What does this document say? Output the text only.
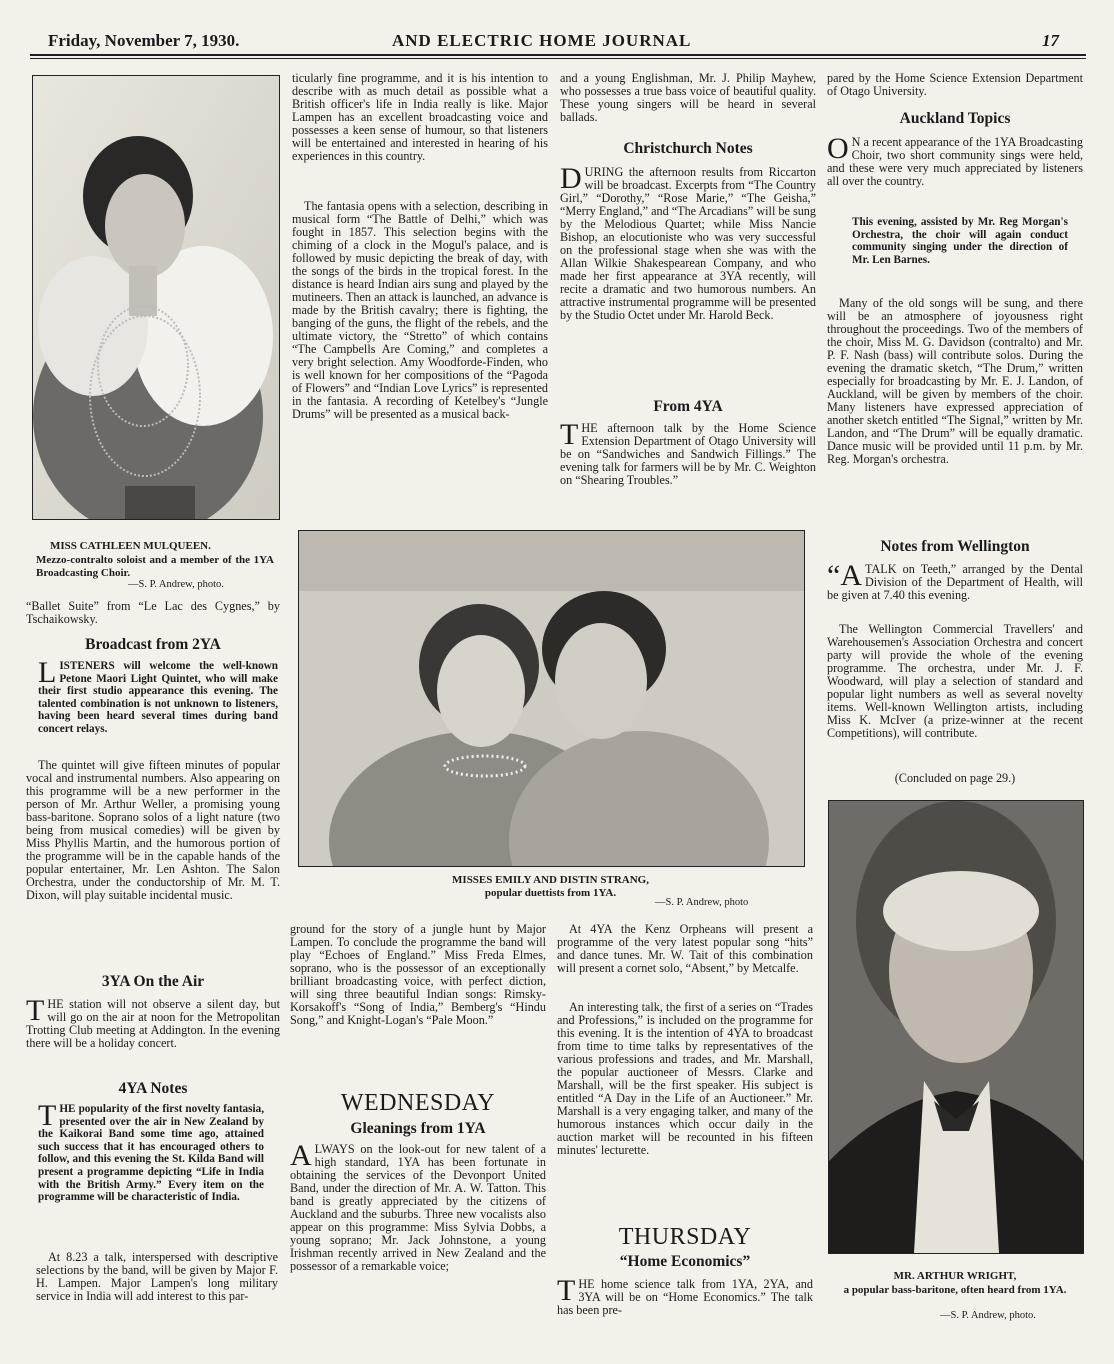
Friday, November 7, 1930.	AND ELECTRIC HOME JOURNAL	17
MISS CATHLEEN MULQUEEN.
Mezzo-contralto soloist and a member of the 1YA Broadcasting Choir.
—S. P. Andrew, photo.

“Ballet Suite” from “Le Lac des Cygnes,” by Tschaikowsky.

Broadcast from 2YA

LISTENERS will welcome the well-known Petone Maori Light Quintet, who will make their first studio appearance this evening. The talented combination is not unknown to listeners, having been heard several times during band concert relays.

The quintet will give fifteen minutes of popular vocal and instrumental numbers. Also appearing on this programme will be a new performer in the person of Mr. Arthur Weller, a promising young bass-baritone. Soprano solos of a light nature (two being from musical comedies) will be given by Miss Phyllis Martin, and the humorous portion of the programme will be in the capable hands of the popular entertainer, Mr. Len Ashton. The Salon Orchestra, under the conductorship of Mr. M. T. Dixon, will play suitable incidental music.

3YA On the Air

THE station will not observe a silent day, but will go on the air at noon for the Metropolitan Trotting Club meeting at Addington. In the evening there will be a holiday concert.

4YA Notes

THE popularity of the first novelty fantasia, presented over the air in New Zealand by the Kaikorai Band some time ago, attained such success that it has encouraged others to follow, and this evening the St. Kilda Band will present a programme depicting “Life in India with the British Army.” Every item on the programme will be characteristic of India.

At 8.23 a talk, interspersed with descriptive selections by the band, will be given by Major F. H. Lampen. Major Lampen's long military service in India will add interest to this par-

ticularly fine programme, and it is his intention to describe with as much detail as possible what a British officer's life in India really is like. Major Lampen has an excellent broadcasting voice and possesses a keen sense of humour, so that listeners will be entertained and interested in hearing of his experiences in this country.

The fantasia opens with a selection, describing in musical form “The Battle of Delhi,” which was fought in 1857. This selection begins with the chiming of a clock in the Mogul's palace, and is followed by music depicting the break of day, with the songs of the birds in the tropical forest. In the distance is heard Indian airs sung and played by the mutineers. Then an attack is launched, an advance is made by the British cavalry; there is fighting, the banging of the guns, the flight of the rebels, and the ultimate victory, the “Stretto” of which contains “The Campbells Are Coming,” and completes a very bright selection. Amy Woodforde-Finden, who is well known for her compositions of the “Pagoda of Flowers” and “Indian Love Lyrics” is represented in the fantasia. A recording of Ketelbey's “Jungle Drums” will be presented as a musical back-

and a young Englishman, Mr. J. Philip Mayhew, who possesses a true bass voice of beautiful quality. These young singers will be heard in several ballads.

Christchurch Notes

DURING the afternoon results from Riccarton will be broadcast. Excerpts from “The Country Girl,” “Dorothy,” “Rose Marie,” “The Geisha,” “Merry England,” and “The Arcadians” will be sung by the Melodious Quartet; while Miss Nancie Bishop, an elocutioniste who was very successful on the professional stage when she was with the Allan Wilkie Shakespearean Company, and who made her first appearance at 3YA recently, will recite a dramatic and two humorous numbers. An attractive instrumental programme will be presented by the Studio Octet under Mr. Harold Beck.

From 4YA

THE afternoon talk by the Home Science Extension Department of Otago University will be on “Sandwiches and Sandwich Fillings.” The evening talk for farmers will be by Mr. C. Weighton on “Shearing Troubles.”

MISSES EMILY AND DISTIN STRANG,
popular duettists from 1YA.
—S. P. Andrew, photo

ground for the story of a jungle hunt by Major Lampen. To conclude the programme the band will play “Echoes of England.” Miss Freda Elmes, soprano, who is the possessor of an exceptionally brilliant broadcasting voice, with perfect diction, will sing three beautiful Indian songs: Rimsky-Korsakoff's “Song of India,” Bemberg's “Hindu Song,” and Knight-Logan's “Pale Moon.”

WEDNESDAY
Gleanings from 1YA

ALWAYS on the look-out for new talent of a high standard, 1YA has been fortunate in obtaining the services of the Devonport United Band, under the direction of Mr. A. W. Tatton. This band is greatly appreciated by the citizens of Auckland and the suburbs. Three new vocalists also appear on this programme: Miss Sylvia Dobbs, a young soprano; Mr. Jack Johnstone, a young Irishman recently arrived in New Zealand and the possessor of a remarkable voice;

At 4YA the Kenz Orpheans will present a programme of the very latest popular song “hits” and dance tunes. Mr. W. Tait of this combination will present a cornet solo, “Absent,” by Metcalfe.

An interesting talk, the first of a series on “Trades and Professions,” is included on the programme for this evening. It is the intention of 4YA to broadcast from time to time talks by representatives of the various professions and trades, and Mr. Marshall, the popular auctioneer of Messrs. Clarke and Marshall, will be the first speaker. His subject is entitled “A Day in the Life of an Auctioneer.” Mr. Marshall is a very engaging talker, and many of the humorous instances which occur daily in the auction market will be recounted in his fifteen minutes' lecturette.

THURSDAY
“Home Economics”

THE home science talk from 1YA, 2YA, and 3YA will be on “Home Economics.” The talk has been pre-

pared by the Home Science Extension Department of Otago University.

Auckland Topics

O N a recent appearance of the 1YA Broadcasting Choir, two short community sings were held, and these were very much appreciated by listeners all over the country.

This evening, assisted by Mr. Reg Morgan's Orchestra, the choir will again conduct community singing under the direction of Mr. Len Barnes.

Many of the old songs will be sung, and there will be an atmosphere of joyousness right throughout the proceedings. Two of the members of the choir, Miss M. G. Davidson (contralto) and Mr. P. F. Nash (bass) will contribute solos. During the evening the dramatic sketch, “The Drum,” written especially for broadcasting by Mr. E. J. Landon, of Auckland, will be given by members of the choir. Many listeners have expressed appreciation of another sketch entitled “The Signal,” written by Mr. Landon, and “The Drum” will be equally dramatic. Dance music will be provided until 11 p.m. by Mr. Reg. Morgan's orchestra.

Notes from Wellington

“A TALK on Teeth,” arranged by the Dental Division of the Department of Health, will be given at 7.40 this evening.

The Wellington Commercial Travellers' and Warehousemen's Association Orchestra and concert party will provide the whole of the evening programme. The orchestra, under Mr. J. F. Woodward, will play a selection of standard and popular light numbers as well as several novelty items. Well-known Wellington artists, including Miss K. McIver (a prize-winner at the recent Competitions), will contribute.

(Concluded on page 29.)
MR. ARTHUR WRIGHT,
a popular bass-baritone, often heard from 1YA.
—S. P. Andrew, photo.
